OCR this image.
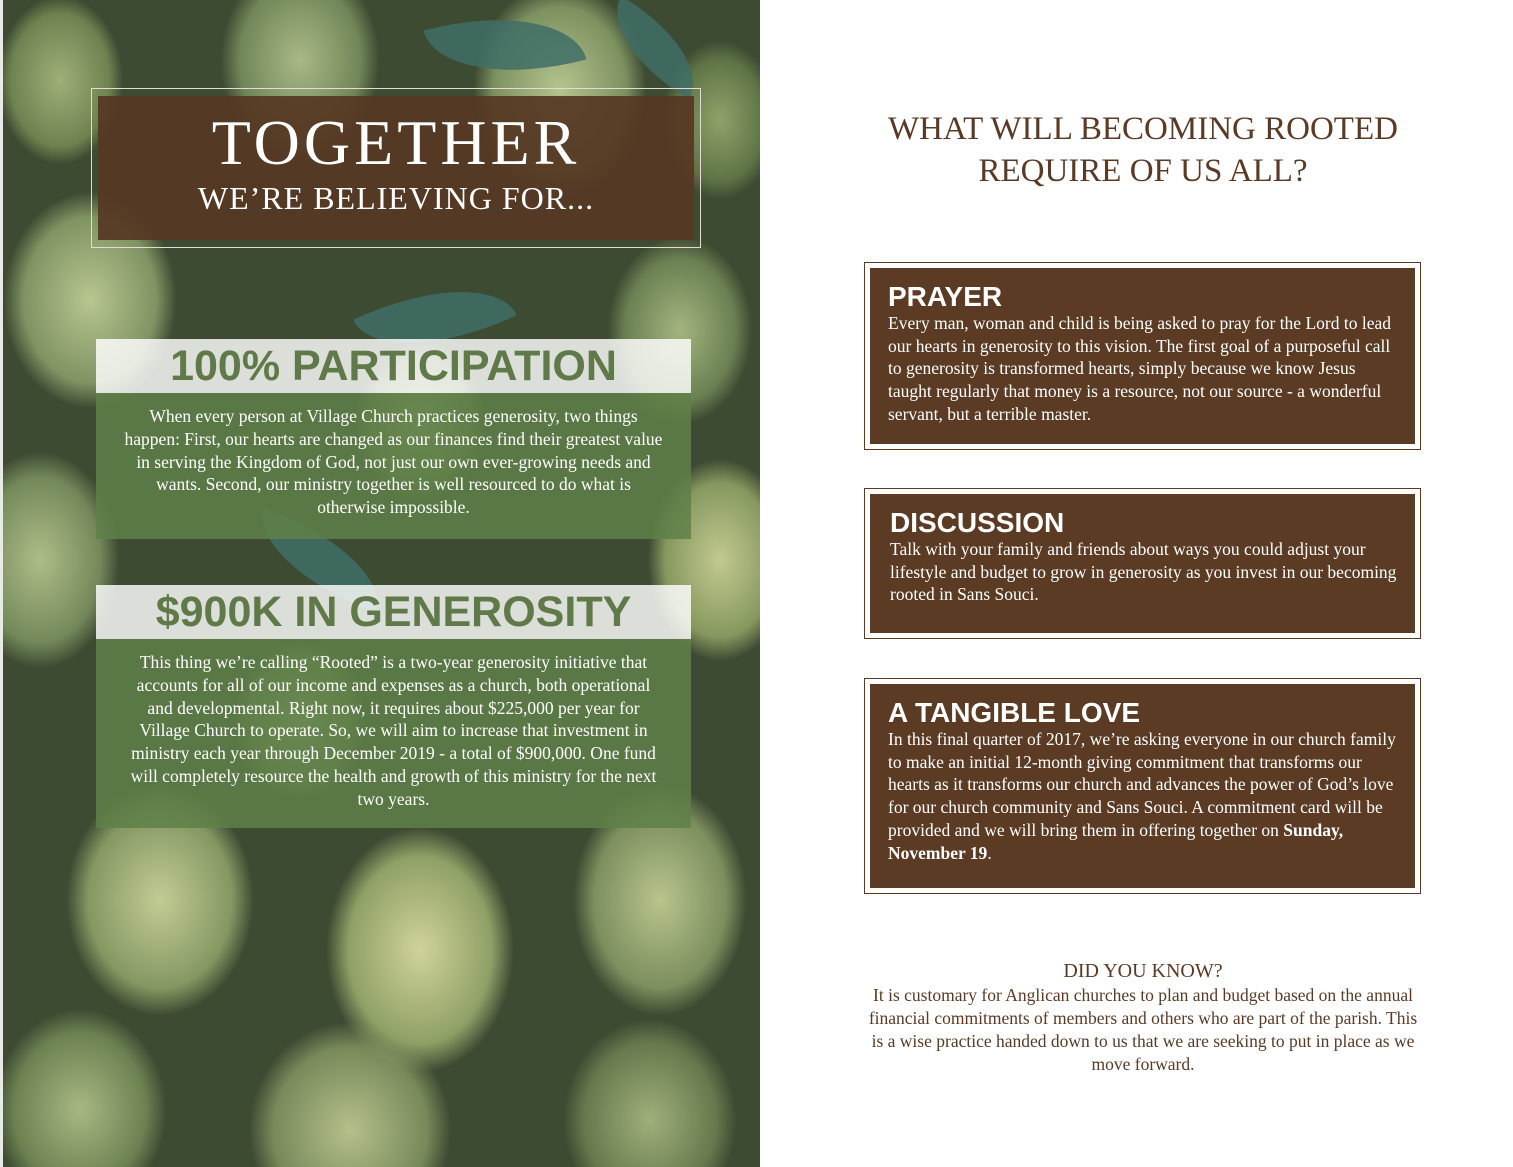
TOGETHER
WE’RE BELIEVING FOR...
100% PARTICIPATION
When every person at Village Church practices generosity, two things happen: First, our hearts are changed as our finances find their greatest value in serving the Kingdom of God, not just our own ever-growing needs and wants. Second, our ministry together is well resourced to do what is otherwise impossible.
$900K IN GENEROSITY
This thing we’re calling “Rooted” is a two-year generosity initiative that accounts for all of our income and expenses as a church, both operational and developmental. Right now, it requires about $225,000 per year for Village Church to operate. So, we will aim to increase that investment in ministry each year through December 2019 - a total of $900,000. One fund will completely resource the health and growth of this ministry for the next two years.
WHAT WILL BECOMING ROOTED
REQUIRE OF US ALL?
PRAYER

Every man, woman and child is being asked to pray for the Lord to lead our hearts in generosity to this vision. The first goal of a purposeful call to generosity is transformed hearts, simply because we know Jesus taught regularly that money is a resource, not our source - a wonderful servant, but a terrible master.

DISCUSSION

Talk with your family and friends about ways you could adjust your lifestyle and budget to grow in generosity as you invest in our becoming rooted in Sans Souci.

A TANGIBLE LOVE

In this final quarter of 2017, we’re asking everyone in our church family to make an initial 12-month giving commitment that transforms our hearts as it transforms our church and advances the power of God’s love for our church community and Sans Souci. A commitment card will be provided and we will bring them in offering together on Sunday, November 19.

DID YOU KNOW?
It is customary for Anglican churches to plan and budget based on the annual financial commitments of members and others who are part of the parish. This is a wise practice handed down to us that we are seeking to put in place as we move forward.
